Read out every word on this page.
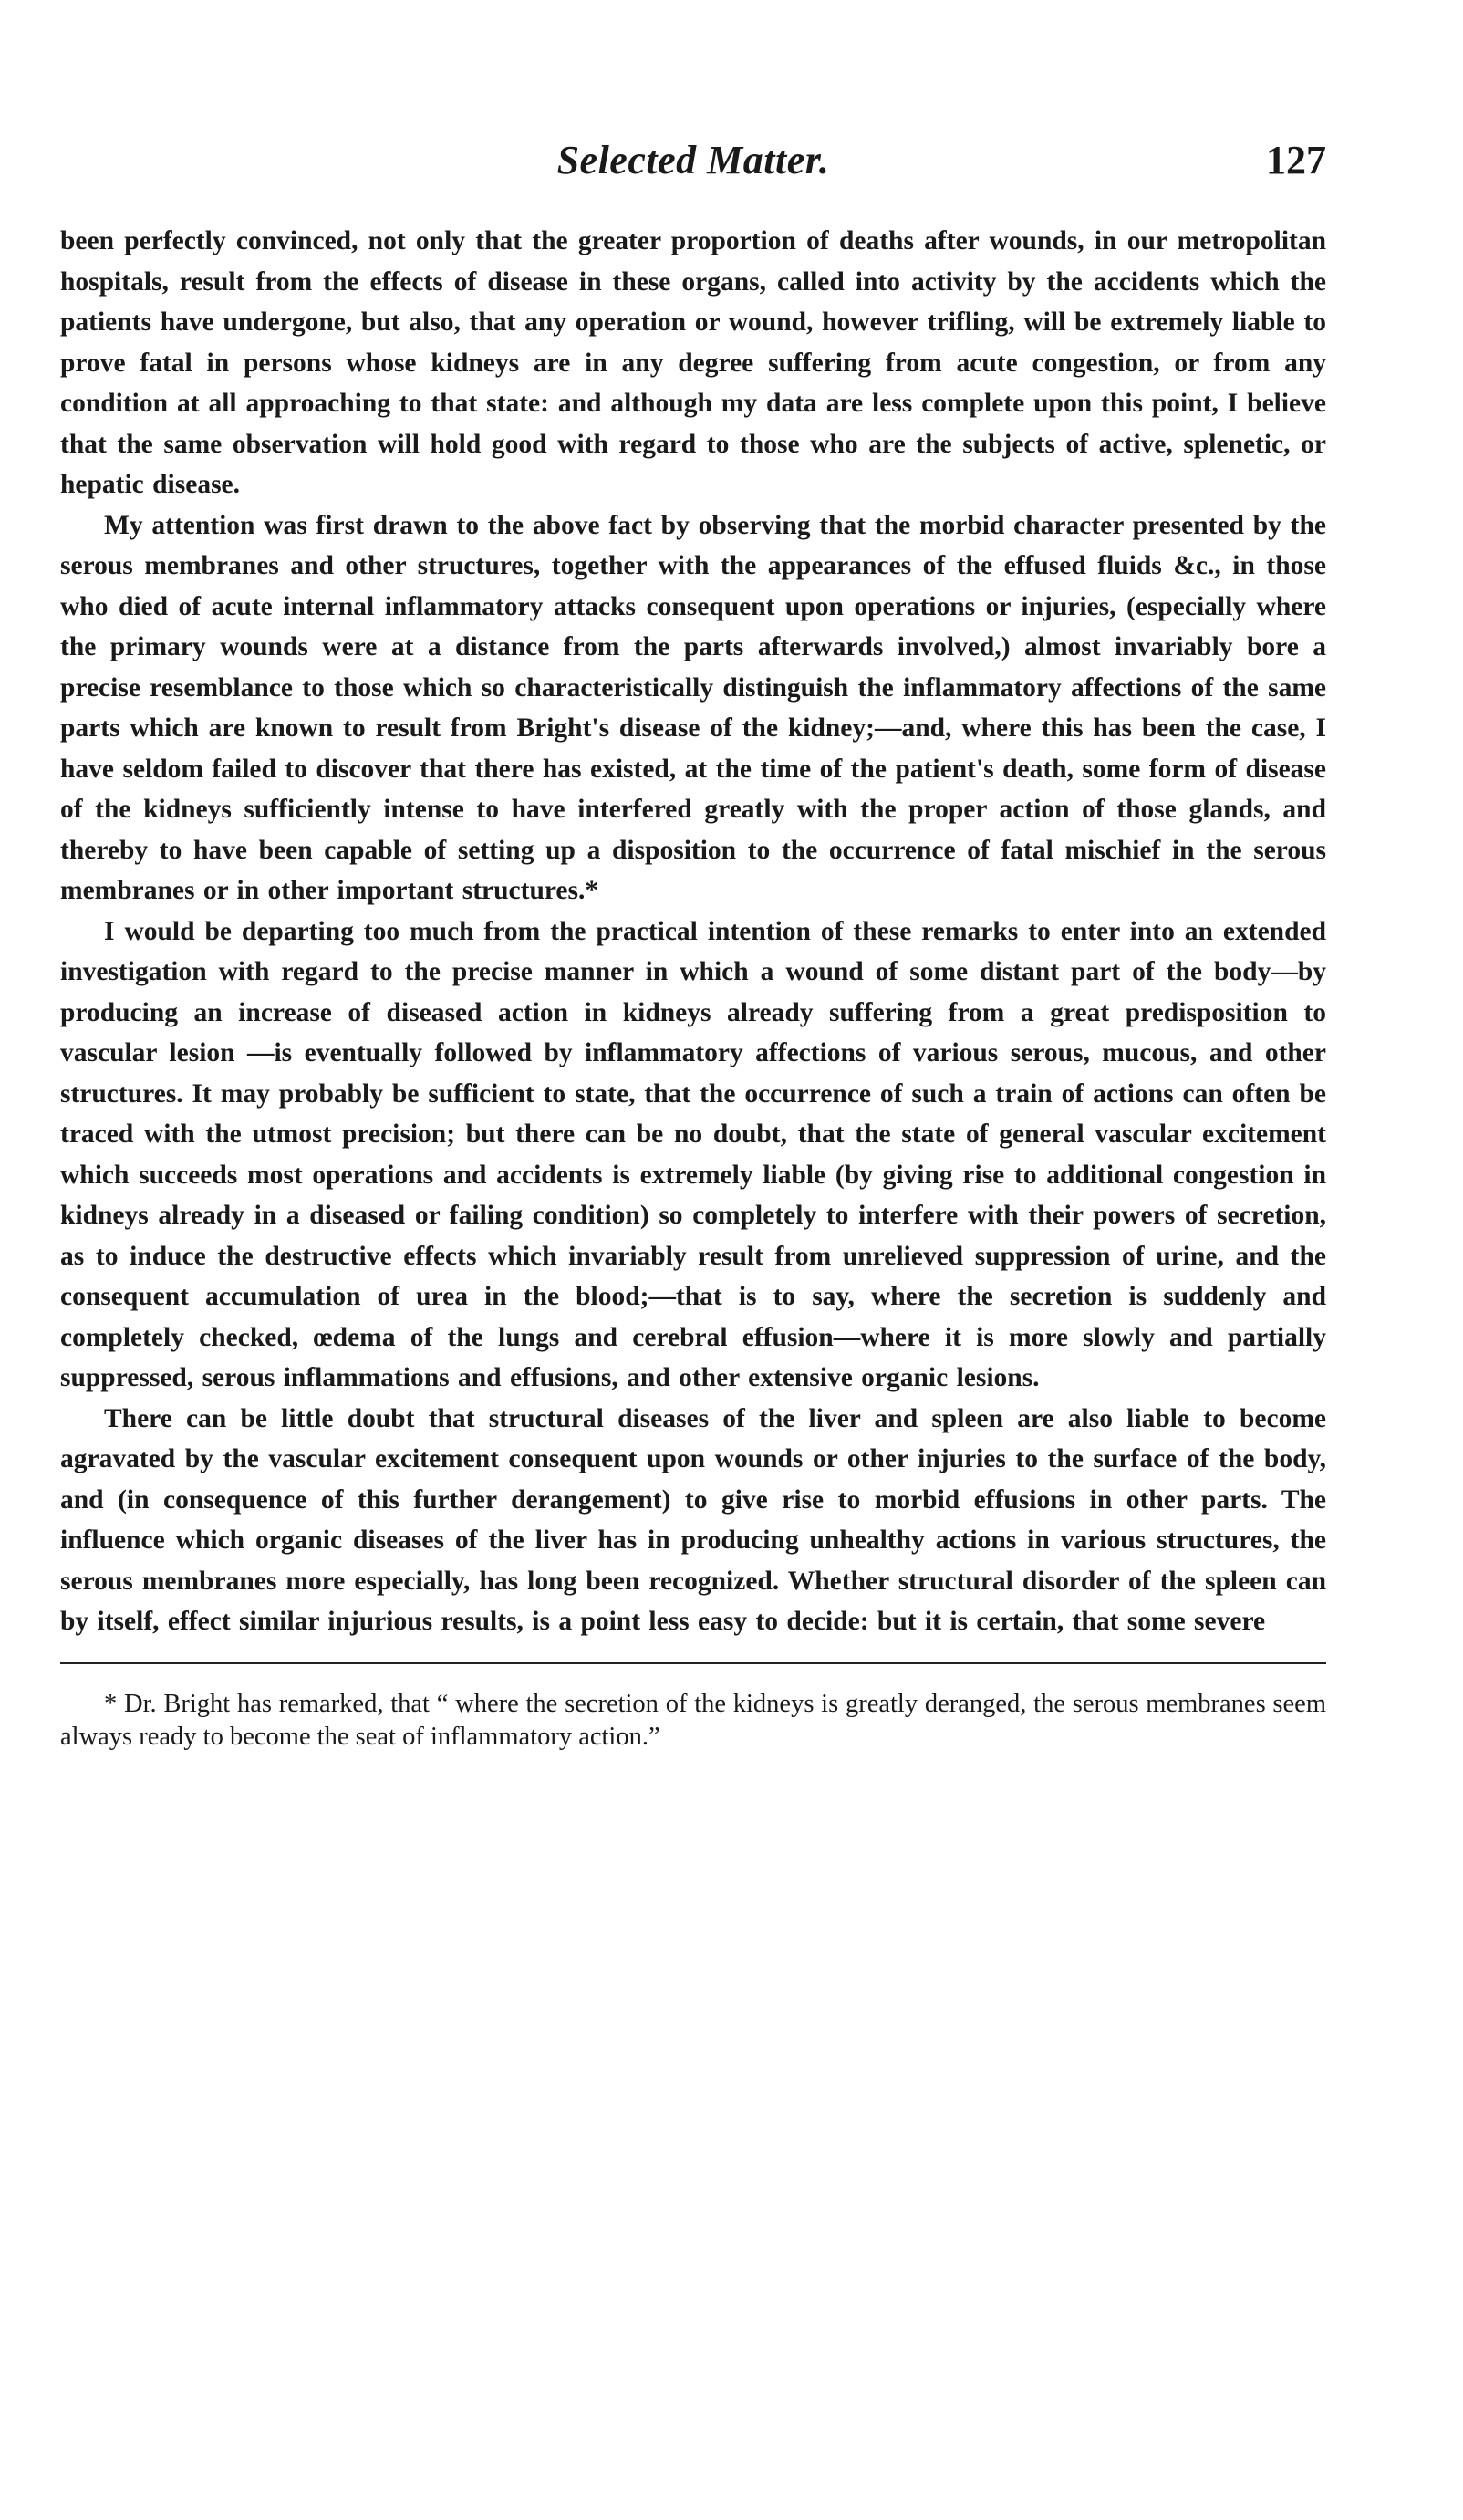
Selected Matter.	127

been perfectly convinced, not only that the greater proportion of deaths after wounds, in our metropolitan hospitals, result from the effects of disease in these organs, called into activity by the accidents which the patients have undergone, but also, that any operation or wound, however trifling, will be extremely liable to prove fatal in persons whose kidneys are in any degree suffering from acute congestion, or from any condition at all approaching to that state: and although my data are less complete upon this point, I believe that the same observation will hold good with regard to those who are the subjects of active, splenetic, or hepatic disease.

My attention was first drawn to the above fact by observing that the morbid character presented by the serous membranes and other structures, together with the appearances of the effused fluids &c., in those who died of acute internal inflammatory attacks consequent upon operations or injuries, (especially where the primary wounds were at a distance from the parts afterwards involved,) almost invariably bore a precise resemblance to those which so characteristically distinguish the inflammatory affections of the same parts which are known to result from Bright's disease of the kidney;—and, where this has been the case, I have seldom failed to discover that there has existed, at the time of the patient's death, some form of disease of the kidneys sufficiently intense to have interfered greatly with the proper action of those glands, and thereby to have been capable of setting up a disposition to the occurrence of fatal mischief in the serous membranes or in other important structures.*

I would be departing too much from the practical intention of these remarks to enter into an extended investigation with regard to the precise manner in which a wound of some distant part of the body—by producing an increase of diseased action in kidneys already suffering from a great predisposition to vascular lesion —is eventually followed by inflammatory affections of various serous, mucous, and other structures. It may probably be sufficient to state, that the occurrence of such a train of actions can often be traced with the utmost precision; but there can be no doubt, that the state of general vascular excitement which succeeds most operations and accidents is extremely liable (by giving rise to additional congestion in kidneys already in a diseased or failing condition) so completely to interfere with their powers of secretion, as to induce the destructive effects which invariably result from unrelieved suppression of urine, and the consequent accumulation of urea in the blood;—that is to say, where the secretion is suddenly and completely checked, œdema of the lungs and cerebral effusion—where it is more slowly and partially suppressed, serous inflammations and effusions, and other extensive organic lesions.

There can be little doubt that structural diseases of the liver and spleen are also liable to become agravated by the vascular excitement consequent upon wounds or other injuries to the surface of the body, and (in consequence of this further derangement) to give rise to morbid effusions in other parts. The influence which organic diseases of the liver has in producing unhealthy actions in various structures, the serous membranes more especially, has long been recognized. Whether structural disorder of the spleen can by itself, effect similar injurious results, is a point less easy to decide: but it is certain, that some severe

* Dr. Bright has remarked, that “ where the secretion of the kidneys is greatly deranged, the serous membranes seem always ready to become the seat of inflammatory action.”
